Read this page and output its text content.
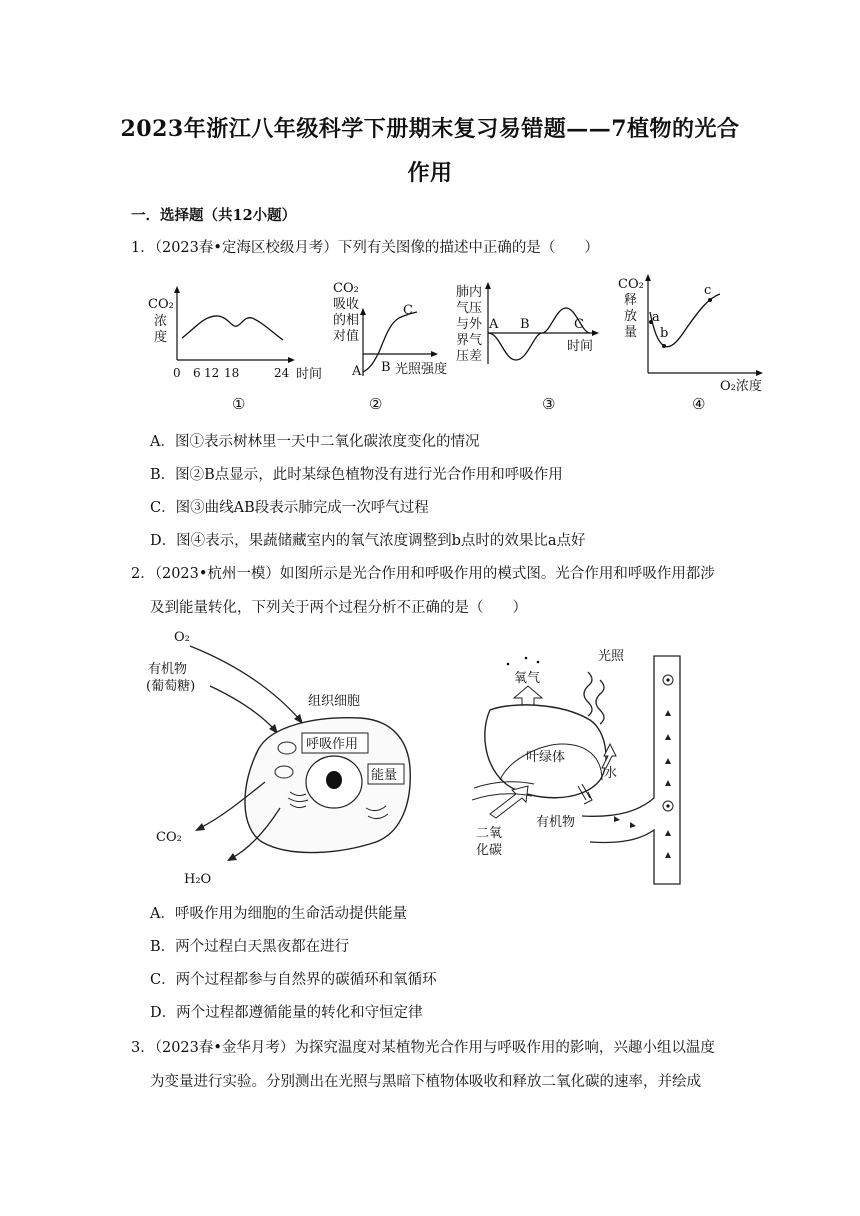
2023年浙江八年级科学下册期末复习易错题——7植物的光合
作用
一．选择题（共12小题）
1．（2023春•定海区校级月考）下列有关图像的描述中正确的是（　　）
CO₂
浓
度
0 6 12 18	24 时间
①
CO₂
吸收
的相
对值
A B
C
光照强度
②
肺内
气压
与外
界气
压差
A B	C
时间
③
CO₂
释
放
量
a
b
c
O₂浓度
④
A．图①表示树林里一天中二氧化碳浓度变化的情况
B．图②B点显示，此时某绿色植物没有进行光合作用和呼吸作用
C．图③曲线AB段表示肺完成一次呼气过程
D．图④表示，果蔬储藏室内的氧气浓度调整到b点时的效果比a点好
2．（2023•杭州一模）如图所示是光合作用和呼吸作用的模式图。光合作用和呼吸作用都涉
及到能量转化，下列关于两个过程分析不正确的是（　　）
O₂
有机物
(葡萄糖)
组织细胞
呼吸作用
能量
CO₂
H₂O
光照
氧气
叶绿体
水
有机物
二氧
化碳
A．呼吸作用为细胞的生命活动提供能量
B．两个过程白天黑夜都在进行
C．两个过程都参与自然界的碳循环和氧循环
D．两个过程都遵循能量的转化和守恒定律
3．（2023春•金华月考）为探究温度对某植物光合作用与呼吸作用的影响，兴趣小组以温度
为变量进行实验。分别测出在光照与黑暗下植物体吸收和释放二氧化碳的速率，并绘成
